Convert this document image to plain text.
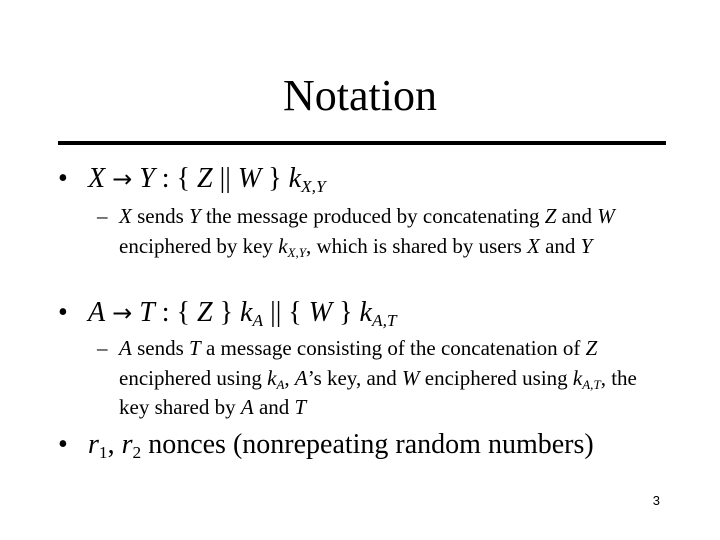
Notation
• X → Y : { Z || W } $k_{X,Y}$
– X sends Y the message produced by concatenating Z and W enciphered by key $k_{X,Y}$, which is shared by users X and Y
• A → T : { Z } $k_A$ || { W } $k_{A,T}$
– A sends T a message consisting of the concatenation of Z enciphered using $k_A$, A’s key, and W enciphered using $k_{A,T}$, the key shared by A and T
• $r_1$, $r_2$ nonces (nonrepeating random numbers)
3
